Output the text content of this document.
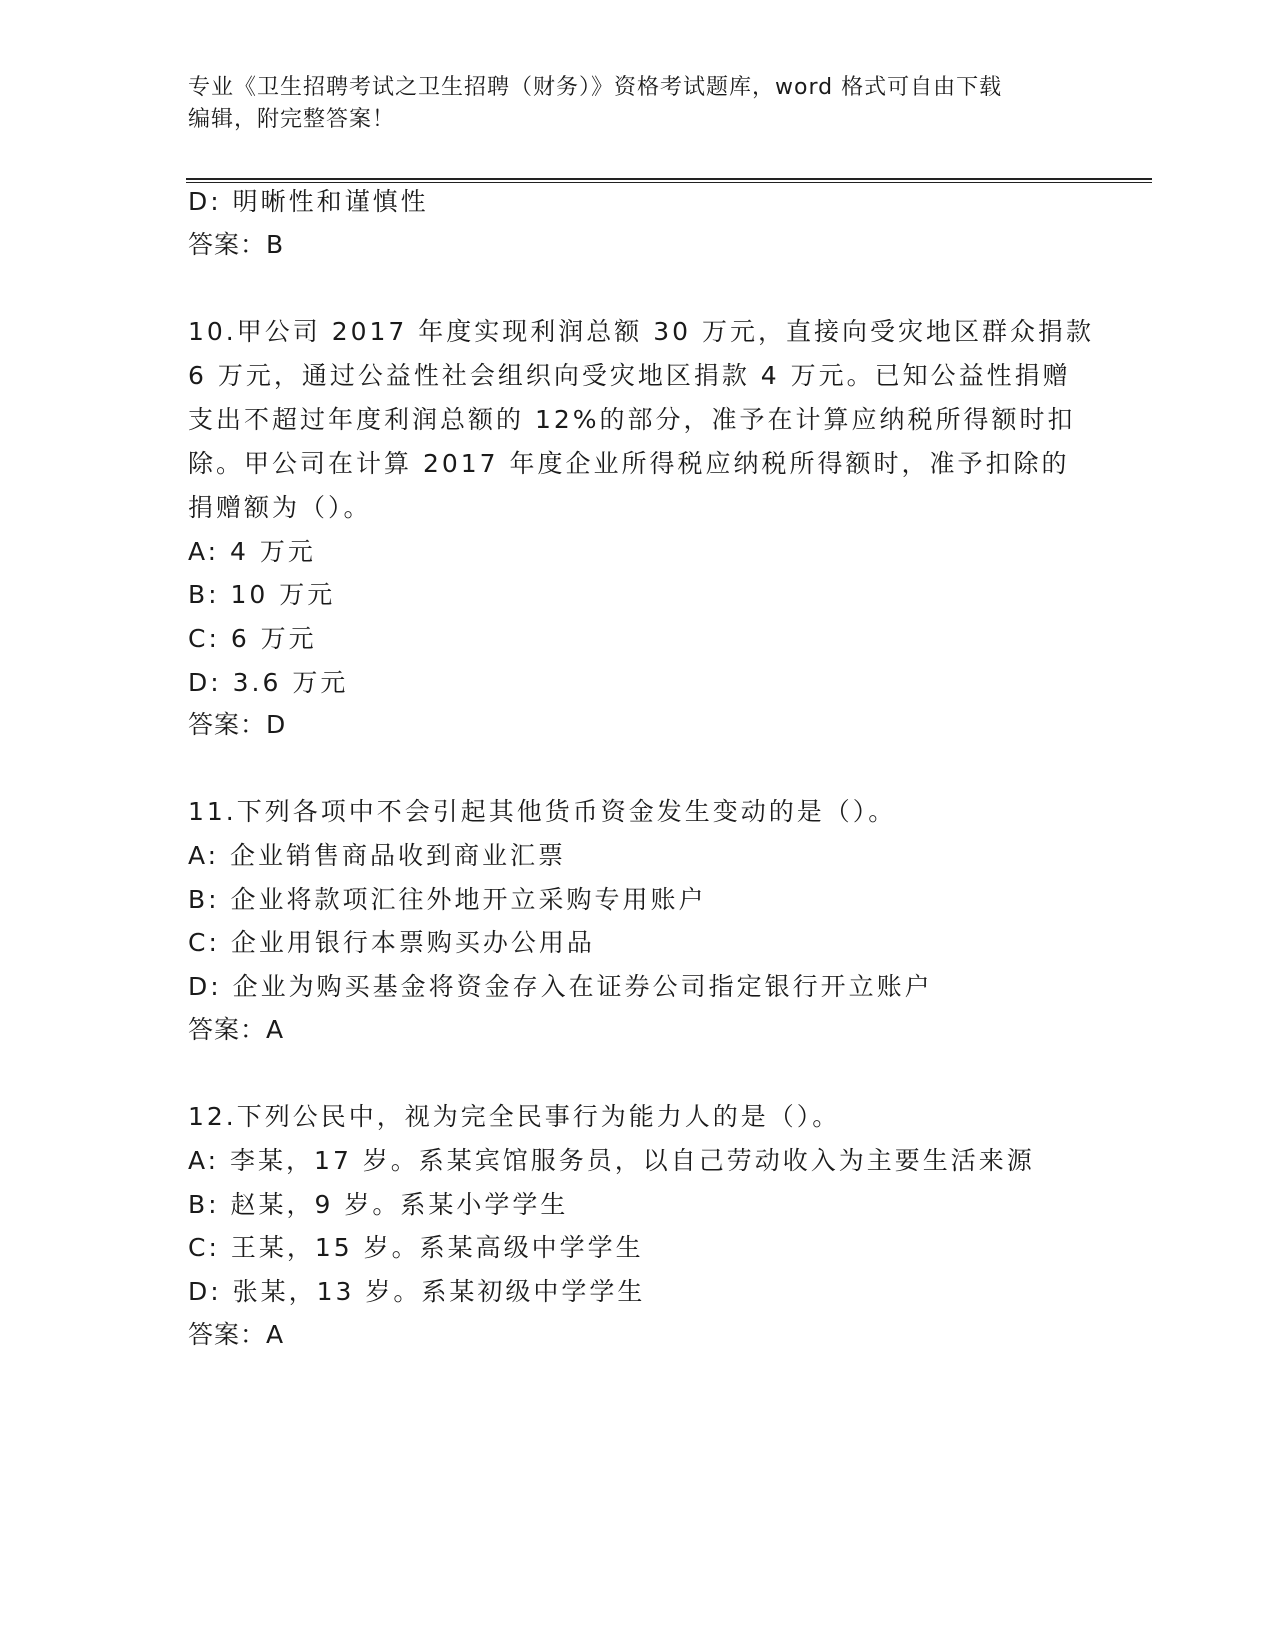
专业《卫生招聘考试之卫生招聘（财务）》资格考试题库，word 格式可自由下载
编辑，附完整答案！
D: 明晰性和谨慎性
答案：B
10.甲公司 2017 年度实现利润总额 30 万元，直接向受灾地区群众捐款
6 万元，通过公益性社会组织向受灾地区捐款 4 万元。已知公益性捐赠
支出不超过年度利润总额的 12%的部分，准予在计算应纳税所得额时扣
除。甲公司在计算 2017 年度企业所得税应纳税所得额时，准予扣除的
捐赠额为（）。
A: 4 万元
B: 10 万元
C: 6 万元
D: 3.6 万元
答案：D
11.下列各项中不会引起其他货币资金发生变动的是（）。
A: 企业销售商品收到商业汇票
B: 企业将款项汇往外地开立采购专用账户
C: 企业用银行本票购买办公用品
D: 企业为购买基金将资金存入在证券公司指定银行开立账户
答案：A
12.下列公民中，视为完全民事行为能力人的是（）。
A: 李某，17 岁。系某宾馆服务员，以自己劳动收入为主要生活来源
B: 赵某，9 岁。系某小学学生
C: 王某，15 岁。系某高级中学学生
D: 张某，13 岁。系某初级中学学生
答案：A
